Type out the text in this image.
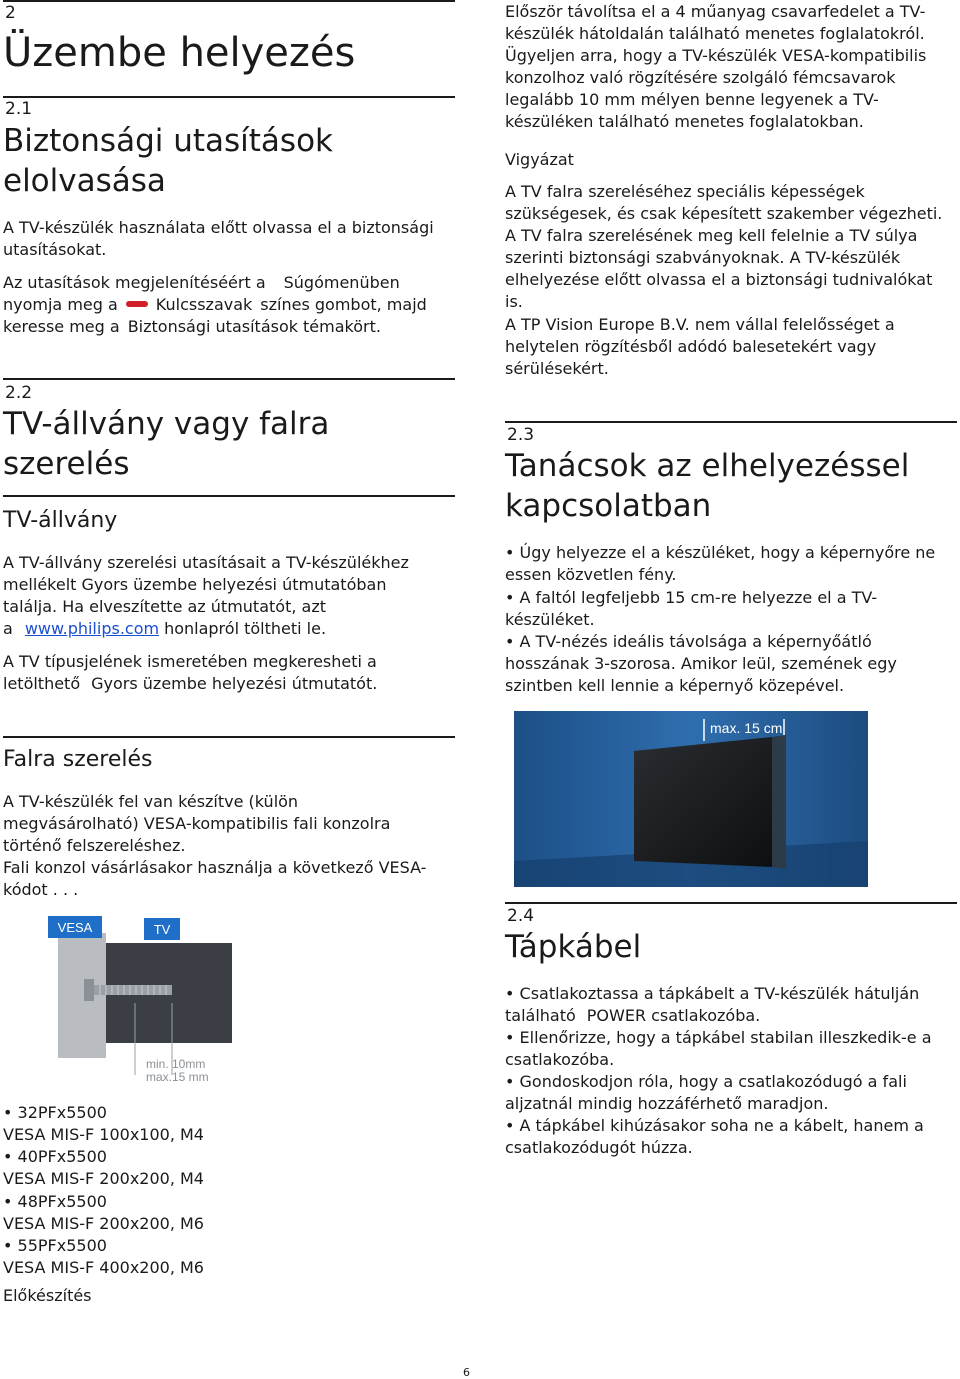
2
Üzembe helyezés
2.1
Biztonsági utasítások
elolvasása
A TV-készülék használata előtt olvassa el a biztonsági
utasításokat.
Az utasítások megjelenítéséért a Súgómenüben
nyomja meg a Kulcsszavak színes gombot, majd
keresse meg a Biztonsági utasítások témakört.
2.2
TV-állvány vagy falra
szerelés
TV-állvány
A TV-állvány szerelési utasításait a TV-készülékhez
mellékelt Gyors üzembe helyezési útmutatóban
találja. Ha elveszítette az útmutatót, azt
a www.philips.com honlapról töltheti le.
A TV típusjelének ismeretében megkeresheti a
letölthető Gyors üzembe helyezési útmutatót.
Falra szerelés
A TV-készülék fel van készítve (külön
megvásárolható) VESA-kompatibilis fali konzolra
történő felszereléshez.
Fali konzol vásárlásakor használja a következő VESA-
kódot . . .
VESA	TV
min. 10mm
max.15 mm
• 32PFx5500
VESA MIS-F 100x100, M4
• 40PFx5500
VESA MIS-F 200x200, M4
• 48PFx5500
VESA MIS-F 200x200, M6
• 55PFx5500
VESA MIS-F 400x200, M6
Előkészítés
Először távolítsa el a 4 műanyag csavarfedelet a TV-
készülék hátoldalán található menetes foglalatokról.
Ügyeljen arra, hogy a TV-készülék VESA-kompatibilis
konzolhoz való rögzítésére szolgáló fémcsavarok
legalább 10 mm mélyen benne legyenek a TV-
készüléken található menetes foglalatokban.
Vigyázat
A TV falra szereléséhez speciális képességek
szükségesek, és csak képesített szakember végezheti.
A TV falra szerelésének meg kell felelnie a TV súlya
szerinti biztonsági szabványoknak. A TV-készülék
elhelyezése előtt olvassa el a biztonsági tudnivalókat
is.
A TP Vision Europe B.V. nem vállal felelősséget a
helytelen rögzítésből adódó balesetekért vagy
sérülésekért.
2.3
Tanácsok az elhelyezéssel
kapcsolatban
• Úgy helyezze el a készüléket, hogy a képernyőre ne
essen közvetlen fény.
• A faltól legfeljebb 15 cm-re helyezze el a TV-
készüléket.
• A TV-nézés ideális távolsága a képernyőátló
hosszának 3-szorosa. Amikor leül, szemének egy
szintben kell lennie a képernyő közepével.
max. 15 cm
2.4
Tápkábel
• Csatlakoztassa a tápkábelt a TV-készülék hátulján
található POWER csatlakozóba.
• Ellenőrizze, hogy a tápkábel stabilan illeszkedik-e a
csatlakozóba.
• Gondoskodjon róla, hogy a csatlakozódugó a fali
aljzatnál mindig hozzáférhető maradjon.
• A tápkábel kihúzásakor soha ne a kábelt, hanem a
csatlakozódugót húzza.
6
